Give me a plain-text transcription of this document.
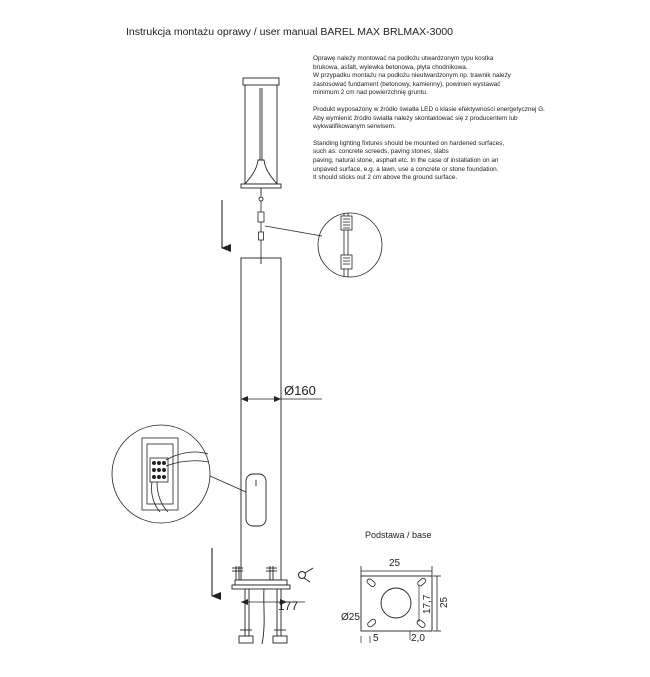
Instrukcja montażu oprawy / user manual BAREL MAX BRLMAX-3000

Oprawę należy montować na podłożu utwardzonym typu kostka
brukowa, asfalt, wylewka betonowa, płyta chodnikowa.
W przypadku montażu na podłożu nieutwardzonym np. trawnik należy
zastosować fundament (betonowy, kamienny), powinien wystawać
minimum 2 cm nad powierzchnię gruntu.

Produkt wyposażony w źródło światła LED o klasie efektywności energetycznej G.
Aby wymienić źródło światła należy skontaktować się z producentem lub
wykwalifikowanym serwisem.

Standing lighting fixtures should be mounted on hardened surfaces,
such as: concrete screeds, paving stones, slabs
paving, natural stone, asphalt etc. In the case of installation on an
unpaved surface, e.g. a lawn, use a concrete or stone foundation.
It should sticks out 2 cm above the ground surface.

Ø160
177
Podstawa / base
25
17,7 25
Ø25
5	2,0
